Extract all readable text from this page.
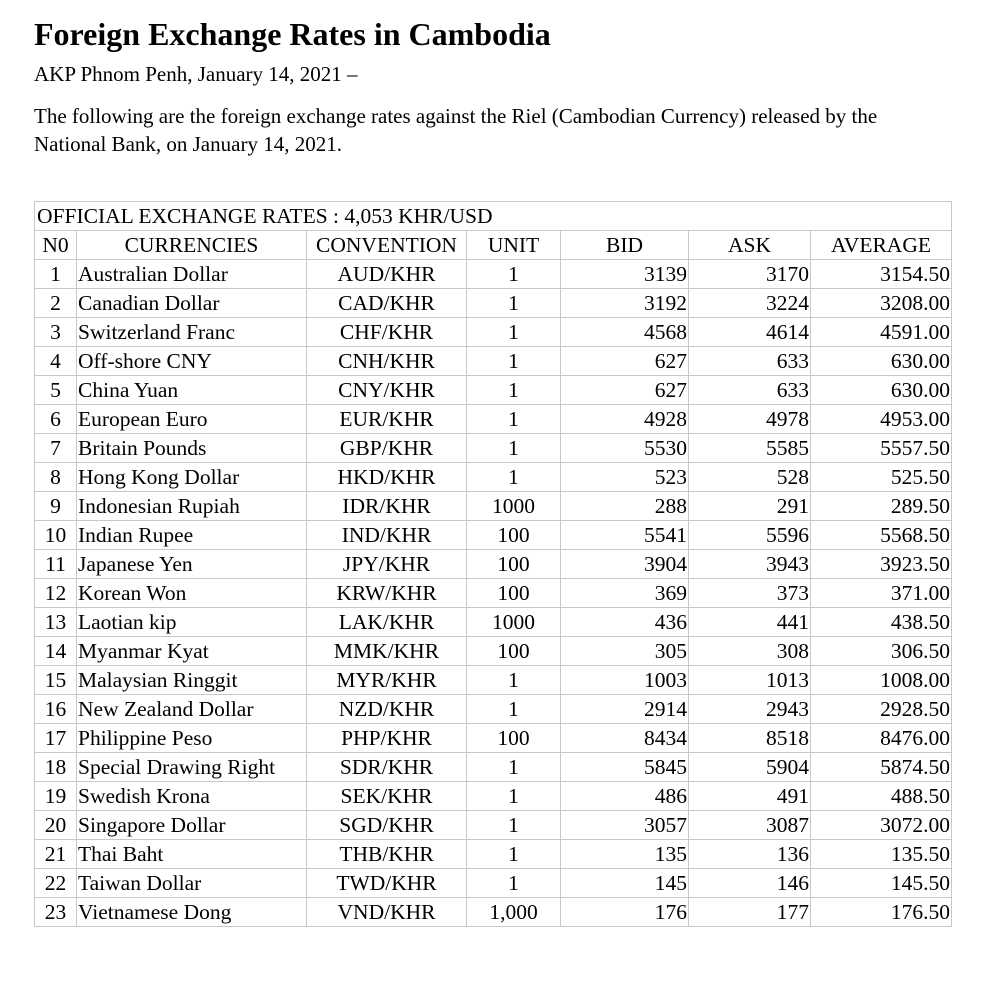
Foreign Exchange Rates in Cambodia
AKP Phnom Penh, January 14, 2021 –
The following are the foreign exchange rates against the Riel (Cambodian Currency) released by the National Bank, on January 14, 2021.
OFFICIAL EXCHANGE RATES : 4,053 KHR/USD						
N0	CURRENCIES	CONVENTION	UNIT	BID	ASK	AVERAGE
1	Australian Dollar	AUD/KHR	1	3139	3170	3154.50
2	Canadian Dollar	CAD/KHR	1	3192	3224	3208.00
3	Switzerland Franc	CHF/KHR	1	4568	4614	4591.00
4	Off-shore CNY	CNH/KHR	1	627	633	630.00
5	China Yuan	CNY/KHR	1	627	633	630.00
6	European Euro	EUR/KHR	1	4928	4978	4953.00
7	Britain Pounds	GBP/KHR	1	5530	5585	5557.50
8	Hong Kong Dollar	HKD/KHR	1	523	528	525.50
9	Indonesian Rupiah	IDR/KHR	1000	288	291	289.50
10	Indian Rupee	IND/KHR	100	5541	5596	5568.50
11	Japanese Yen	JPY/KHR	100	3904	3943	3923.50
12	Korean Won	KRW/KHR	100	369	373	371.00
13	Laotian kip	LAK/KHR	1000	436	441	438.50
14	Myanmar Kyat	MMK/KHR	100	305	308	306.50
15	Malaysian Ringgit	MYR/KHR	1	1003	1013	1008.00
16	New Zealand Dollar	NZD/KHR	1	2914	2943	2928.50
17	Philippine Peso	PHP/KHR	100	8434	8518	8476.00
18	Special Drawing Right	SDR/KHR	1	5845	5904	5874.50
19	Swedish Krona	SEK/KHR	1	486	491	488.50
20	Singapore Dollar	SGD/KHR	1	3057	3087	3072.00
21	Thai Baht	THB/KHR	1	135	136	135.50
22	Taiwan Dollar	TWD/KHR	1	145	146	145.50
23	Vietnamese Dong	VND/KHR	1,000	176	177	176.50
